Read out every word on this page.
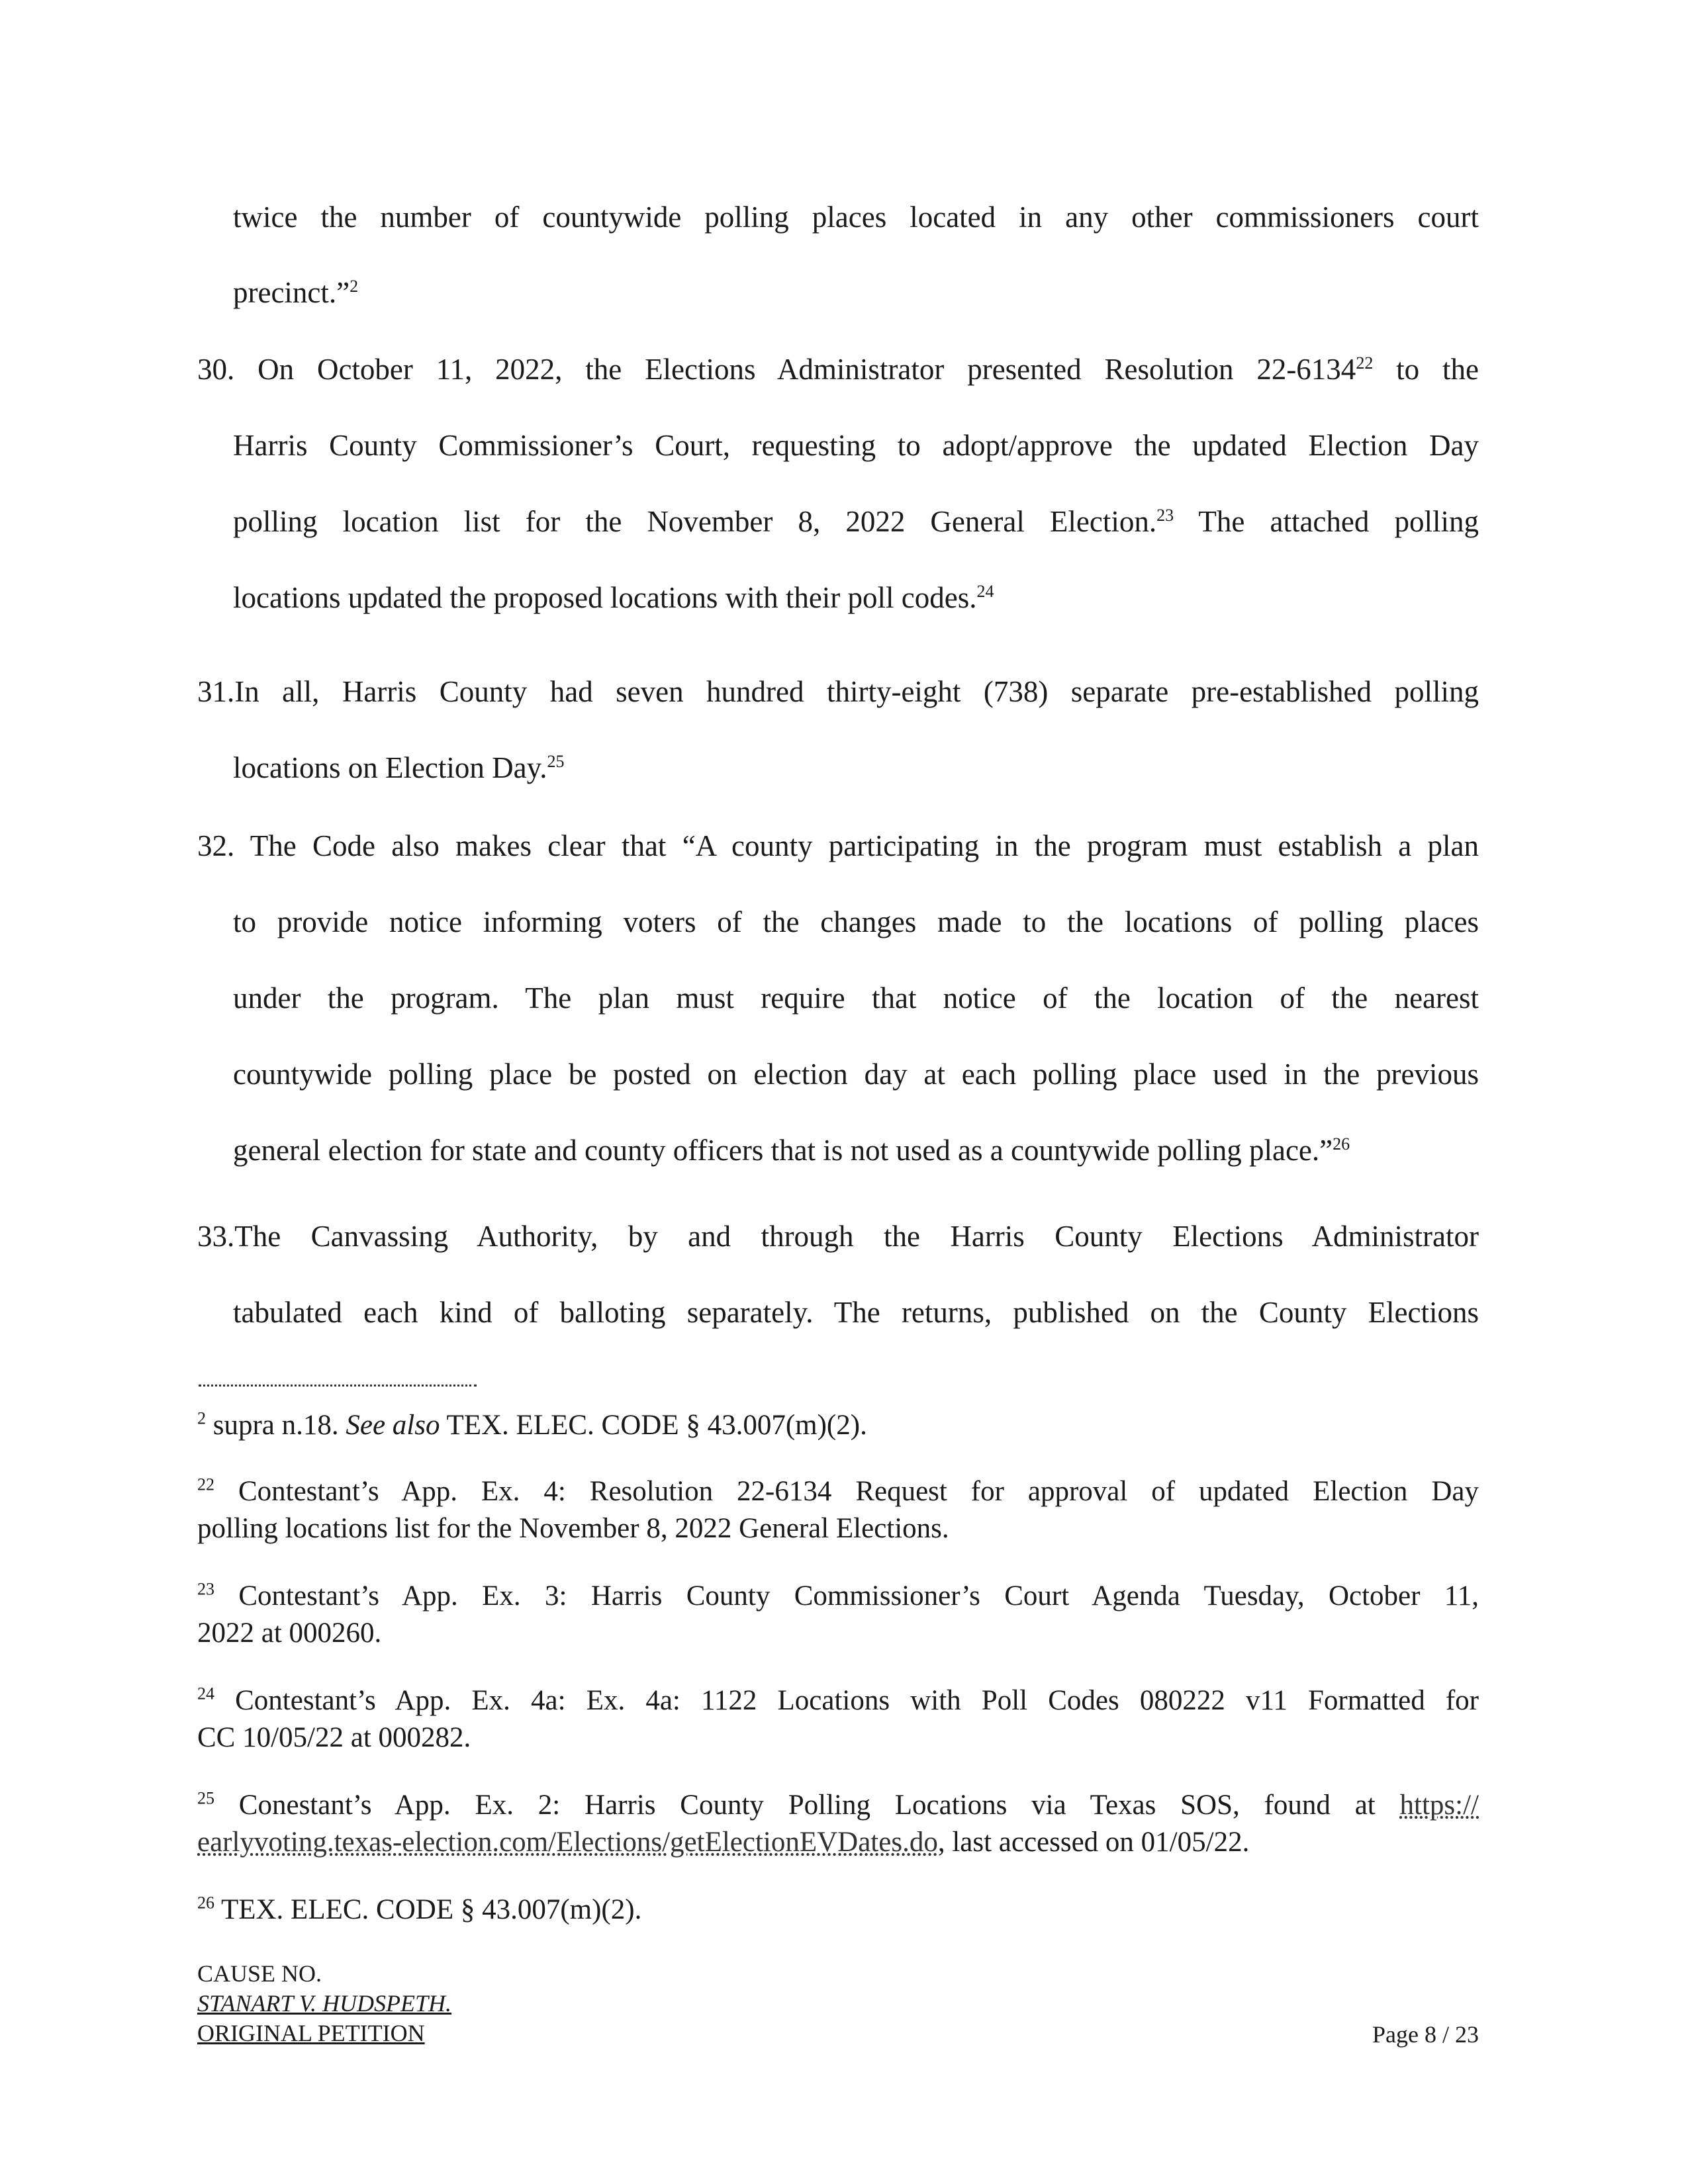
twice the number of countywide polling places located in any other commissioners court
precinct.”$^2$
30. On October 11, 2022, the Elections Administrator presented Resolution 22-6134$^{22}$ to the
Harris County Commissioner’s Court, requesting to adopt/approve the updated Election Day
polling location list for the November 8, 2022 General Election.$^{23}$ The attached polling
locations updated the proposed locations with their poll codes.$^{24}$
31.In all, Harris County had seven hundred thirty-eight (738) separate pre-established polling
locations on Election Day.$^{25}$
32. The Code also makes clear that “A county participating in the program must establish a plan
to provide notice informing voters of the changes made to the locations of polling places
under the program. The plan must require that notice of the location of the nearest
countywide polling place be posted on election day at each polling place used in the previous
general election for state and county officers that is not used as a countywide polling place.”$^{26}$
33.The Canvassing Authority, by and through the Harris County Elections Administrator
tabulated each kind of balloting separately. The returns, published on the County Elections
$^2$ supra n.18. See also TEX. ELEC. CODE § 43.007(m)(2).
$^{22}$ Contestant’s App. Ex. 4: Resolution 22-6134 Request for approval of updated Election Day
polling locations list for the November 8, 2022 General Elections.
$^{23}$ Contestant’s App. Ex. 3: Harris County Commissioner’s Court Agenda Tuesday, October 11,
2022 at 000260.
$^{24}$ Contestant’s App. Ex. 4a: Ex. 4a: 1122 Locations with Poll Codes 080222 v11 Formatted for
CC 10/05/22 at 000282.
$^{25}$ Conestant’s App. Ex. 2: Harris County Polling Locations via Texas SOS, found at https://
earlyvoting.texas-election.com/Elections/getElectionEVDates.do, last accessed on 01/05/22.
$^{26}$ TEX. ELEC. CODE § 43.007(m)(2).
CAUSE NO.
STANART V. HUDSPETH.
ORIGINAL PETITION	Page 8 / 23
